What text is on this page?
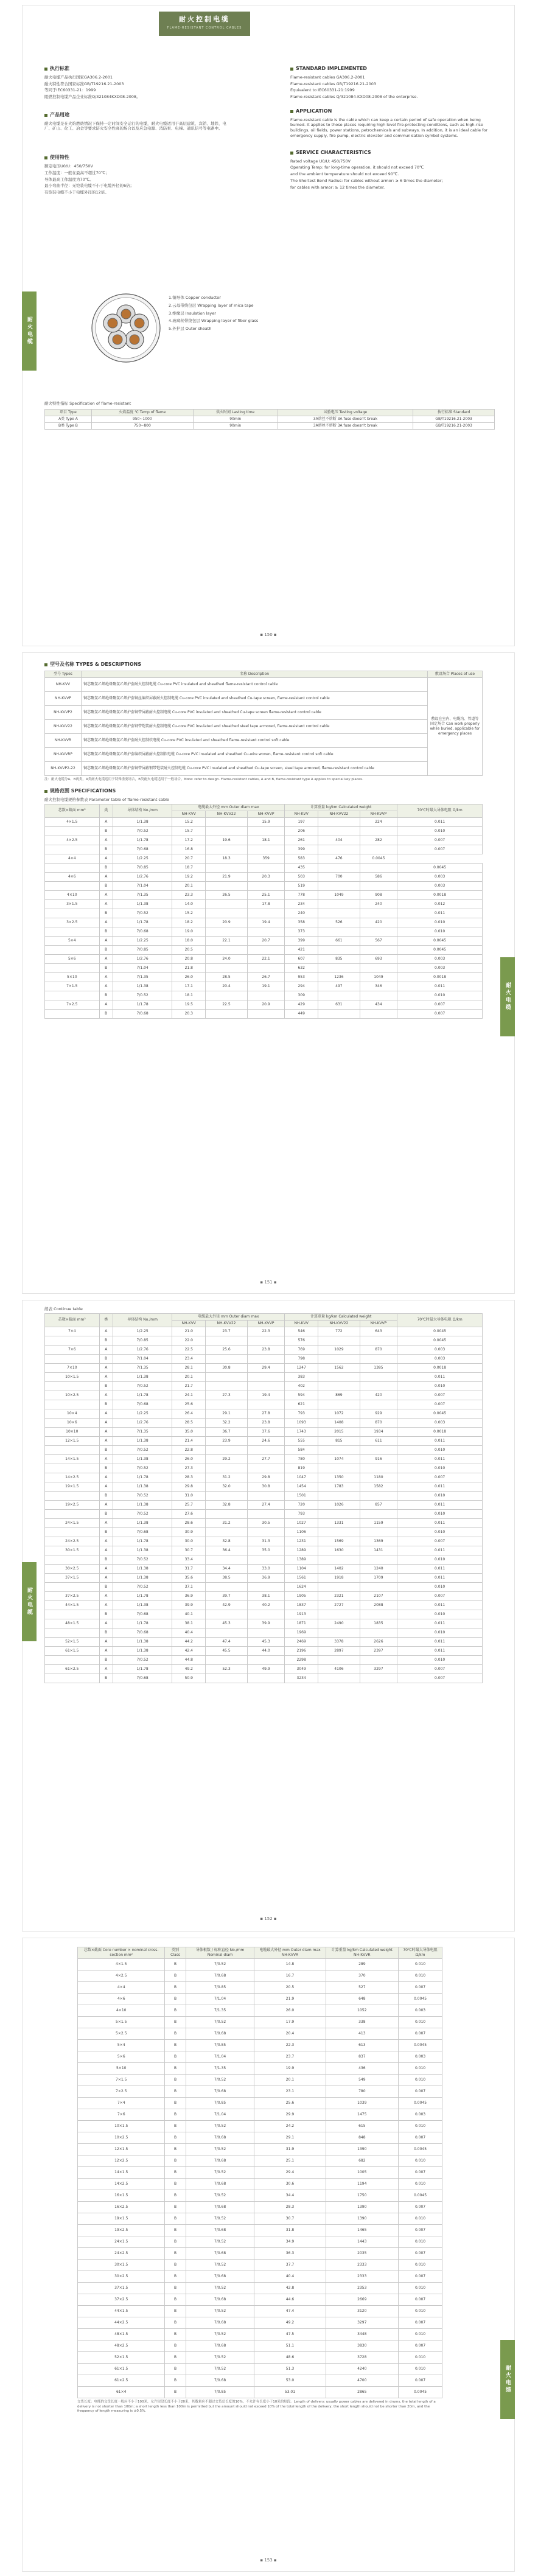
耐火控制电缆
FLAME-RESISTANT CONTROL CABLES
耐火电缆
执行标准
耐火电缆产品执行国家GA306.2-2001
耐火特性符合国家标准GB/T19216.21-2003
等同于IEC60331-21：1999
阻燃控制电缆产品企业标准Q/321084KXD08-2008。
产品用途

耐火电缆是在火焰燃烧情况下保持一定时间安全运行的电缆，耐火电缆适用于高层建筑、宾馆、地铁、电厂、矿山、化工、冶金等要求防火安全性高的场合以及应急电源、消防泵、电梯、通讯信号等电路中。

使用特性
额定电压U0/U：450/750V
工作温度：一般在最高不超过70℃；
导体最高工作温度为70℃。
最小弯曲半径：无铠装电缆不小于电缆外径的6倍；
有铠装电缆不小于电缆外径的12倍。
STANDARD IMPLEMENTED
Flame-resistant cables GA306.2-2001
Flame-resistant cables GB/T19216.21-2003
Equivalent to IEC60331-21:1999
Flame-resistant cables Q/321084-KXD08-2008 of the enterprise.
APPLICATION

Flame-resistant cable is the cable which can keep a certain period of safe operation when being burned. It applies to those places requiring high level fire-protecting conditions, such as high-rise buildings, oil fields, power stations, petrochemicals and subways. In addition, it is an ideal cable for emergency supply, fire pump, electric elevator and communication symbol systems.

SERVICE CHARACTERISTICS
Rated voltage U0/U: 450/750V
Operating Temp: for long-time operation, it should not exceed 70℃
and the ambient temperature should not exceed 90℃.
The Shortest Bend Radius: for cables without armor: ≥ 6 times the diameter;
for cables with armor: ≥ 12 times the diameter.
1.铜导体 Copper conductor
2.云母带绕包层 Wrapping layer of mica tape
3.绝缘层 Insulation layer
4.玻璃丝带绕包层 Wrapping layer of fiber glass
5.外护层 Outer sheath
耐火特性指标 Specification of flame-resistant
项目 Type	火焰温度 ℃ Temp of flame	供火时间 Lasting time	试验电压 Testing voltage	执行标准 Standard
A类 Type A	950~1000	90min	3A熔丝不熔断 3A fuse doesn't break	GB/T19216.21-2003
B类 Type B	750~800	90min	3A熔丝不熔断 3A fuse doesn't break	GB/T19216.21-2003
▪ 150 ▪
耐火电缆
型号及名称 TYPES & DESCRIPTIONS
型号 Types	名称 Description	敷设场合 Places of use
NH-KVV	铜芯聚氯乙烯绝缘聚氯乙烯护套耐火控制电缆 Cu-core PVC insulated and sheathed flame-resistant control cable	敷设在室内、电缆沟、管道等固定场合 Can work properly while buried, applicable for emergency places
NH-KVVP	铜芯聚氯乙烯绝缘聚氯乙烯护套铜丝编织屏蔽耐火控制电缆 Cu-core PVC insulated and sheathed Cu-tape screen, flame-resistant control cable	
NH-KVVP2	铜芯聚氯乙烯绝缘聚氯乙烯护套铜带屏蔽耐火控制电缆 Cu-core PVC insulated and sheathed Cu-tape screen flame-resistant control cable	
NH-KVV22	铜芯聚氯乙烯绝缘聚氯乙烯护套钢带铠装耐火控制电缆 Cu-core PVC insulated and sheathed steel tape armored, flame-resistant control cable	
NH-KVVR	铜芯聚氯乙烯绝缘聚氯乙烯护套耐火控制软电缆 Cu-core PVC insulated and sheathed flame-resistant control soft cable	
NH-KVVRP	铜芯聚氯乙烯绝缘聚氯乙烯护套编织屏蔽耐火控制软电缆 Cu-core PVC insulated and sheathed Cu-wire woven, flame-resistant control soft cable	
NH-KVVP2-22	铜芯聚氯乙烯绝缘聚氯乙烯护套铜带屏蔽钢带铠装耐火控制电缆 Cu-core PVC insulated and sheathed Cu-tape screen, steel tape armored, flame-resistant control cable	
注：耐火电缆分A、B两类，A类耐火电缆适用于特殊重要场合，B类耐火电缆适用于一般场合。Note: refer to design. Flame-resistant cables, A and B, flame-resistant type A applies to special key places.
规格范围 SPECIFICATIONS
耐火控制电缆规格参数表 Parameter table of flame-resistant cable
芯数×截面 mm²	类	导体结构 No./mm	电缆最大外径 mm Outer diam max			计算重量 kg/km Calculated weight			70℃时最大导体电阻 Ω/km
			NH-KVV	NH-KVV22	NH-KVVP	NH-KVV	NH-KVV22	NH-KVVP	
4×1.5	A	1/1.38	15.2		15.9	197		224	0.011
	B	7/0.52	15.7			206			0.010
4×2.5	A	1/1.78	17.2	19.6	18.1	261	404	282	0.007
	B	7/0.68	16.8			399			0.007
4×4	A	1/2.25	20.7	18.3	359	583	476	0.0045	
	B	7/0.85	18.7			435			0.0045
4×6	A	1/2.76	19.2	21.9	20.3	503	700	586	0.003
	B	7/1.04	20.1			519			0.003
4×10	A	7/1.35	23.3	26.5	25.1	778	1049	908	0.0018
3×1.5	A	1/1.38	14.0		17.8	234		240	0.012
	B	7/0.52	15.2			240			0.011
3×2.5	A	1/1.78	18.2	20.9	19.4	358	526	420	0.010
	B	7/0.68	19.0			373			0.010
5×4	A	1/2.25	18.0	22.1	20.7	399	661	567	0.0045
	B	7/0.85	20.5			421			0.0045
5×6	A	1/2.76	20.8	24.0	22.1	607	835	693	0.003
	B	7/1.04	21.8			632			0.003
5×10	A	7/1.35	26.0	28.5	26.7	953	1236	1049	0.0018
7×1.5	A	1/1.38	17.1	20.4	19.1	294	497	346	0.011
	B	7/0.52	18.1			309			0.010
7×2.5	A	1/1.78	19.5	22.5	20.9	429	631	434	0.007
	B	7/0.68	20.3			449			0.007
▪ 151 ▪
耐火电缆
续表 Continue table
芯数×截面 mm²	类	导体结构 No./mm	电缆最大外径 mm Outer diam max			计算重量 kg/km Calculated weight			70℃时最大导体电阻 Ω/km
			NH-KVV	NH-KVV22	NH-KVVP	NH-KVV	NH-KVV22	NH-KVVP	
7×4	A	1/2.25	21.0	23.7	22.3	546	772	643	0.0045
	B	7/0.85	22.0			576			0.0045
7×6	A	1/2.76	22.5	25.6	23.8	769	1029	870	0.003
	B	7/1.04	23.4			798			0.003
7×10	A	7/1.35	28.1	30.8	29.4	1247	1562	1385	0.0018
10×1.5	A	1/1.38	20.1			383			0.011
	B	7/0.52	21.7			402			0.010
10×2.5	A	1/1.78	24.1	27.3	19.4	594	869	420	0.007
	B	7/0.68	25.6			621			0.007
10×4	A	1/2.25	26.4	29.1	27.8	793	1072	929	0.0045
10×6	A	1/2.76	28.5	32.2	23.8	1093	1408	870	0.003
10×10	A	7/1.35	35.0	36.7	37.6	1743	2015	1934	0.0018
12×1.5	A	1/1.38	21.4	23.9	24.6	555	815	611	0.011
	B	7/0.52	22.8			584			0.010
14×1.5	A	1/1.38	26.0	29.2	27.7	780	1074	916	0.011
	B	7/0.52	27.3			819			0.010
14×2.5	A	1/1.78	28.3	31.2	29.8	1047	1350	1180	0.007
19×1.5	A	1/1.38	29.8	32.0	30.8	1454	1783	1582	0.011
	B	7/0.52	31.0			1501			0.010
19×2.5	A	1/1.38	25.7	32.8	27.4	720	1026	857	0.011
	B	7/0.52	27.6			793			0.010
24×1.5	A	1/1.38	28.6	31.2	30.5	1027	1331	1159	0.011
	B	7/0.68	30.9			1106			0.010
24×2.5	A	1/1.78	30.0	32.8	31.3	1231	1569	1369	0.007
30×1.5	A	1/1.38	30.7	36.4	35.0	1289	1630	1431	0.011
	B	7/0.52	33.4			1389			0.010
30×2.5	A	1/1.38	31.7	34.4	33.0	1104	1402	1240	0.011
37×1.5	A	1/1.38	35.6	38.5	36.9	1561	1918	1709	0.011
	B	7/0.52	37.1			1624			0.010
37×2.5	A	1/1.78	36.9	39.7	38.1	1905	2321	2107	0.007
44×1.5	A	1/1.38	39.9	42.9	40.2	1837	2727	2088	0.011
	B	7/0.68	40.1			1913			0.010
48×1.5	A	1/1.78	38.1	45.3	39.9	1871	2490	1835	0.011
	B	7/0.68	40.4			1969			0.010
52×1.5	A	1/1.38	44.2	47.4	45.3	2469	3378	2626	0.011
61×1.5	A	1/1.38	42.4	45.5	44.0	2196	2897	2397	0.011
	B	7/0.52	44.8			2298			0.010
61×2.5	A	1/1.78	49.2	52.3	49.9	3049	4106	3297	0.007
	B	7/0.68	50.9			3234			0.007
▪ 152 ▪
耐火电缆
芯数×截面 Core number × nominal cross-section mm²	类别 Class	导体根数 / 标称直径 No./mm Nominal diam	电缆最大外径 mm Outer diam max NH-KVVR	计算重量 kg/km Calculated weight NH-KVVR	70℃时最大导体电阻 Ω/km
4×1.5	B	7/0.52	14.8	289	0.010
4×2.5	B	7/0.68	16.7	370	0.010
4×4	B	7/0.85	20.5	527	0.007
4×6	B	7/1.04	21.9	648	0.0045
4×10	B	7/1.35	26.0	1052	0.003
5×1.5	B	7/0.52	17.9	338	0.010
5×2.5	B	7/0.68	20.4	413	0.007
5×4	B	7/0.85	22.3	613	0.0045
5×6	B	7/1.04	23.7	837	0.003
5×10	B	7/1.35	19.9	436	0.010
7×1.5	B	7/0.52	20.1	549	0.010
7×2.5	B	7/0.68	23.1	780	0.007
7×4	B	7/0.85	25.6	1039	0.0045
7×6	B	7/1.04	29.9	1475	0.003
10×1.5	B	7/0.52	24.2	615	0.010
10×2.5	B	7/0.68	29.1	848	0.007
12×1.5	B	7/0.52	31.9	1390	0.0045
12×2.5	B	7/0.68	25.1	682	0.010
14×1.5	B	7/0.52	29.4	1005	0.007
14×2.5	B	7/0.68	30.6	1194	0.010
16×1.5	B	7/0.52	34.4	1750	0.0045
16×2.5	B	7/0.68	28.3	1390	0.007
19×1.5	B	7/0.52	30.7	1390	0.010
19×2.5	B	7/0.68	31.8	1465	0.007
24×1.5	B	7/0.52	34.9	1443	0.010
24×2.5	B	7/0.68	36.3	2035	0.007
30×1.5	B	7/0.52	37.7	2333	0.010
30×2.5	B	7/0.68	40.4	2333	0.007
37×1.5	B	7/0.52	42.8	2353	0.010
37×2.5	B	7/0.68	44.6	2669	0.007
44×1.5	B	7/0.52	47.4	3120	0.010
44×2.5	B	7/0.68	49.2	3297	0.007
48×1.5	B	7/0.52	47.5	3448	0.010
48×2.5	B	7/0.68	51.1	3830	0.007
52×1.5	B	7/0.52	48.6	3728	0.010
61×1.5	B	7/0.52	51.3	4240	0.010
61×2.5	B	7/0.68	53.0	4700	0.007
61×4	B	7/0.85	53.01	2865	0.0045
交货长度：电缆的交货长度一般应不小于100米，允许短段长度不小于20米，其数量应不超过交货总长度的10%，不允许有长度小于10米的短段。Length of delivery: usually power cables are delivered in drums, the total length of a delivery is not shorter than 100m; a short length less than 100m is permitted but the amount should not exceed 10% of the total length of the delivery, the short length should not be shorter than 20m, and the frequency of length measuring is ±0.5%.
▪ 153 ▪
